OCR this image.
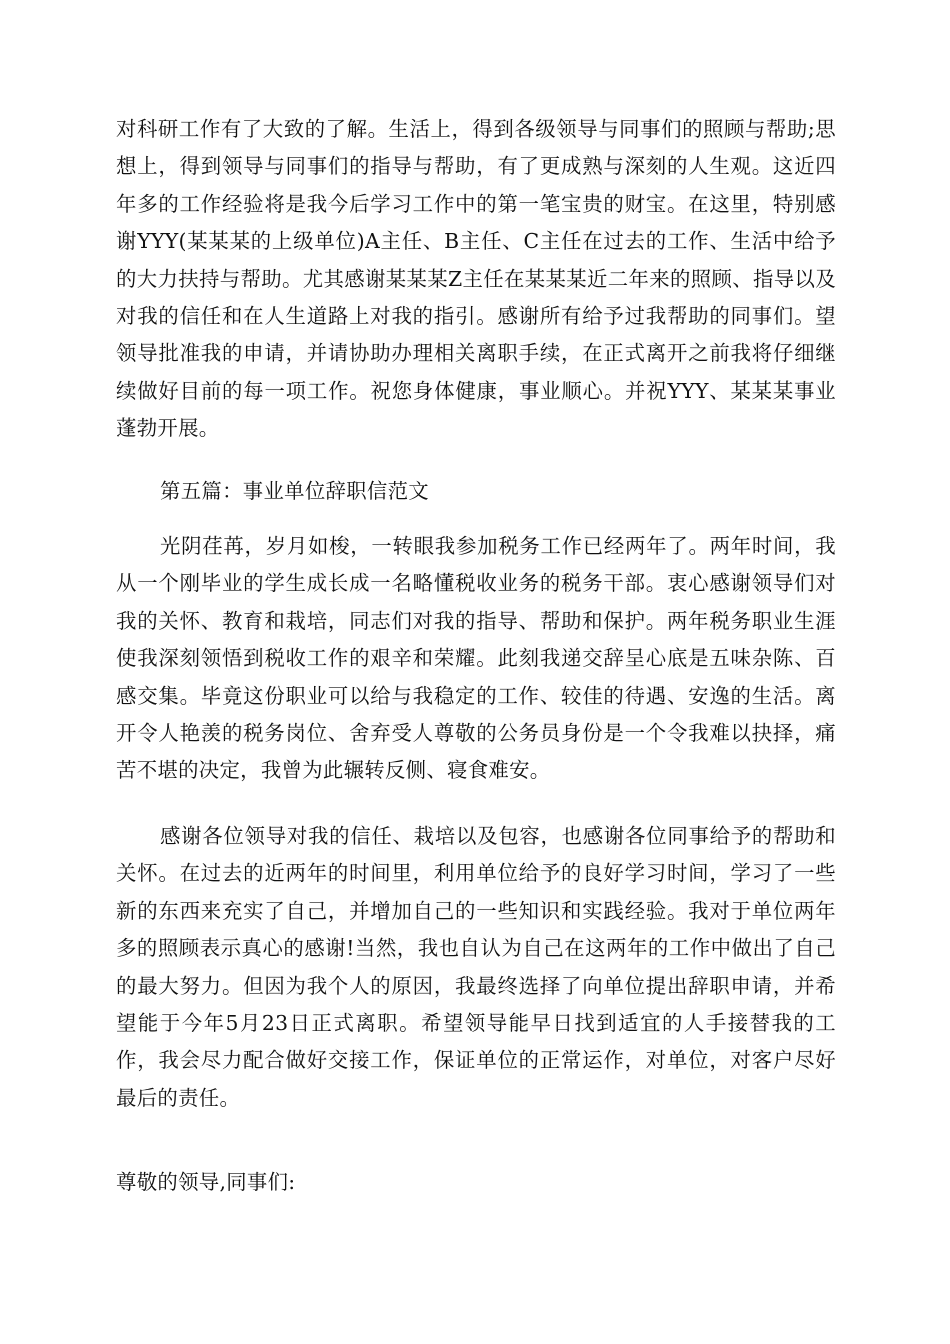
对科研工作有了大致的了解。生活上，得到各级领导与同事们的照顾与帮助;思想上，得到领导与同事们的指导与帮助，有了更成熟与深刻的人生观。这近四年多的工作经验将是我今后学习工作中的第一笔宝贵的财宝。在这里，特别感谢YYY(某某某的上级单位)A主任、B主任、C主任在过去的工作、生活中给予的大力扶持与帮助。尤其感谢某某某Z主任在某某某近二年来的照顾、指导以及对我的信任和在人生道路上对我的指引。感谢所有给予过我帮助的同事们。望领导批准我的申请，并请协助办理相关离职手续，在正式离开之前我将仔细继续做好目前的每一项工作。祝您身体健康，事业顺心。并祝YYY、某某某事业蓬勃开展。

第五篇：事业单位辞职信范文

光阴荏苒，岁月如梭，一转眼我参加税务工作已经两年了。两年时间，我从一个刚毕业的学生成长成一名略懂税收业务的税务干部。衷心感谢领导们对我的关怀、教育和栽培，同志们对我的指导、帮助和保护。两年税务职业生涯使我深刻领悟到税收工作的艰辛和荣耀。此刻我递交辞呈心底是五味杂陈、百感交集。毕竟这份职业可以给与我稳定的工作、较佳的待遇、安逸的生活。离开令人艳羡的税务岗位、舍弃受人尊敬的公务员身份是一个令我难以抉择，痛苦不堪的决定，我曾为此辗转反侧、寝食难安。

感谢各位领导对我的信任、栽培以及包容，也感谢各位同事给予的帮助和关怀。在过去的近两年的时间里，利用单位给予的良好学习时间，学习了一些新的东西来充实了自己，并增加自己的一些知识和实践经验。我对于单位两年多的照顾表示真心的感谢!当然，我也自认为自己在这两年的工作中做出了自己的最大努力。但因为我个人的原因，我最终选择了向单位提出辞职申请，并希望能于今年5月23日正式离职。希望领导能早日找到适宜的人手接替我的工作，我会尽力配合做好交接工作，保证单位的正常运作，对单位，对客户尽好最后的责任。

尊敬的领导,同事们:
